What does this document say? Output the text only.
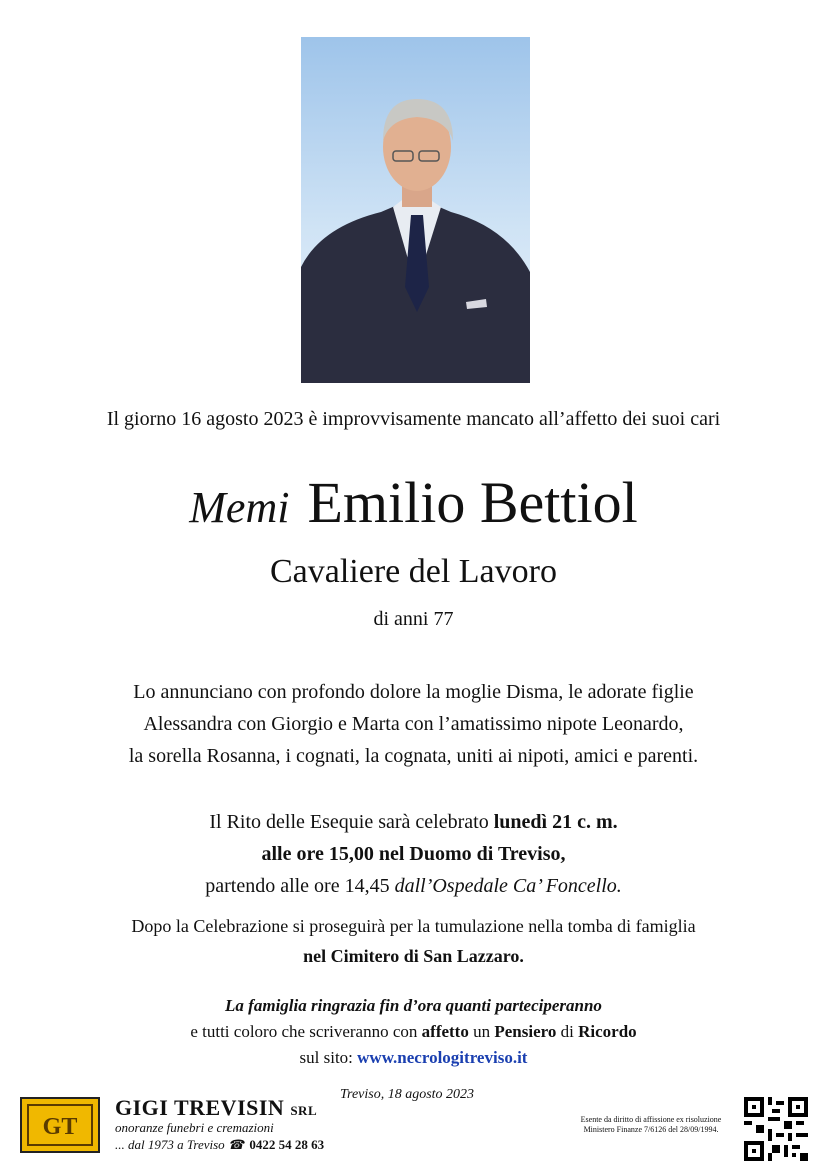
Il giorno 16 agosto 2023 è improvvisamente mancato all’affetto dei suoi cari
Memi Emilio Bettiol
Cavaliere del Lavoro
di anni 77
Lo annunciano con profondo dolore la moglie Disma, le adorate figlie
Alessandra con Giorgio e Marta con l’amatissimo nipote Leonardo,
la sorella Rosanna, i cognati, la cognata, uniti ai nipoti, amici e parenti.
Il Rito delle Esequie sarà celebrato lunedì 21 c. m.
alle ore 15,00 nel Duomo di Treviso,
partendo alle ore 14,45 dall’Ospedale Ca’ Foncello.
Dopo la Celebrazione si proseguirà per la tumulazione nella tomba di famiglia
nel Cimitero di San Lazzaro.
La famiglia ringrazia fin d’ora quanti parteciperanno
e tutti coloro che scriveranno con affetto un Pensiero di Ricordo
sul sito: www.necrologitreviso.it
Treviso, 18 agosto 2023
GT
GIGI TREVISIN SRL
onoranze funebri e cremazioni
... dal 1973 a Treviso ☎ 0422 54 28 63
Esente da diritto di affissione ex risoluzione
Ministero Finanze 7/6126 del 28/09/1994.
